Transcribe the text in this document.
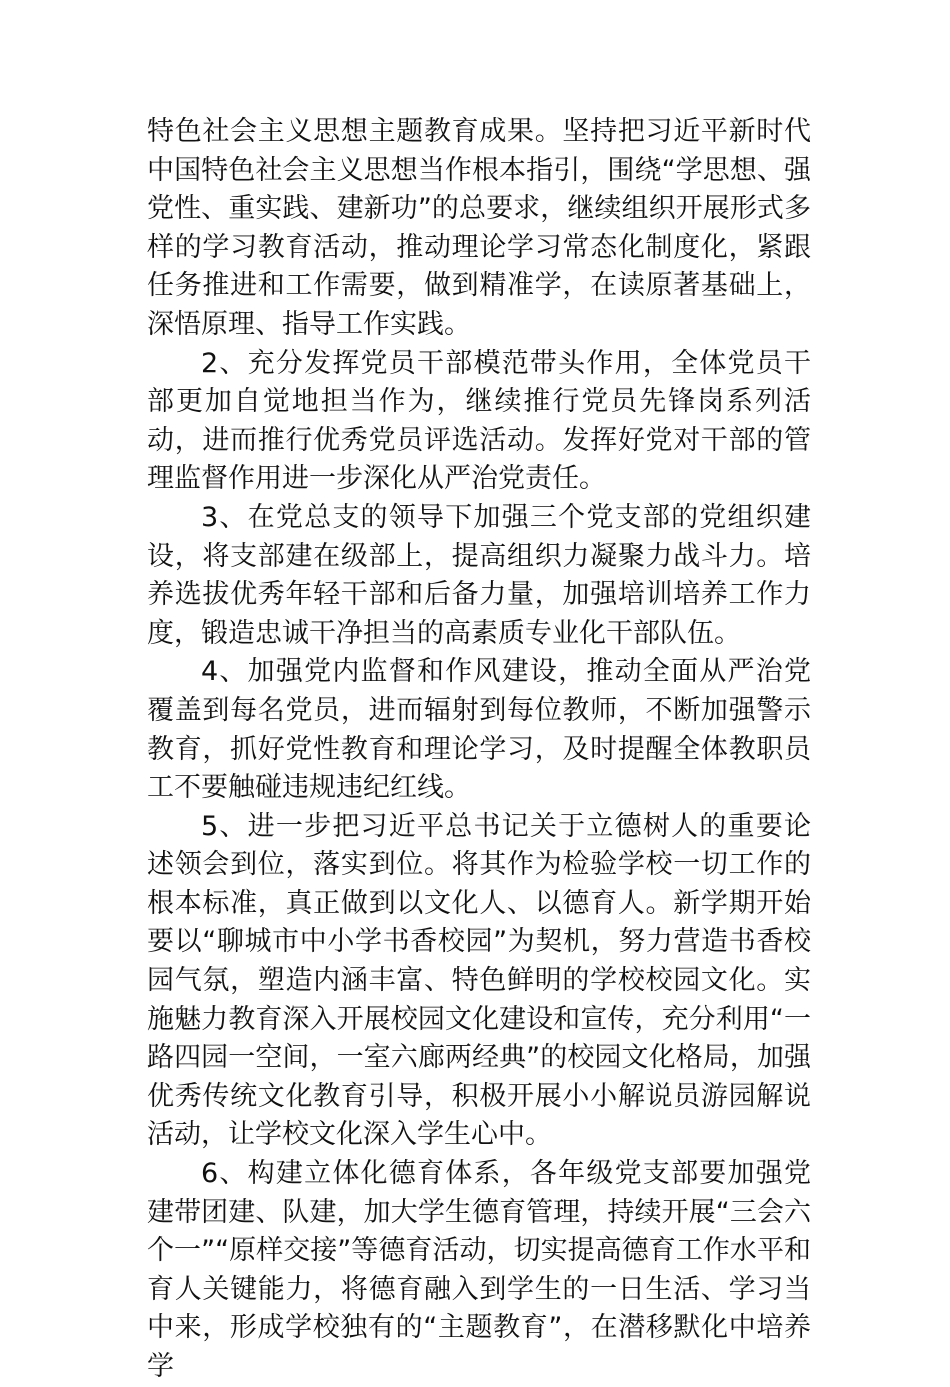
特色社会主义思想主题教育成果。坚持把习近平新时代中国特色社会主义思想当作根本指引，围绕“学思想、强党性、重实践、建新功”的总要求，继续组织开展形式多样的学习教育活动，推动理论学习常态化制度化，紧跟任务推进和工作需要，做到精准学，在读原著基础上，深悟原理、指导工作实践。

2、充分发挥党员干部模范带头作用，全体党员干部更加自觉地担当作为，继续推行党员先锋岗系列活动，进而推行优秀党员评选活动。发挥好党对干部的管理监督作用进一步深化从严治党责任。

3、在党总支的领导下加强三个党支部的党组织建设，将支部建在级部上，提高组织力凝聚力战斗力。培养选拔优秀年轻干部和后备力量，加强培训培养工作力度，锻造忠诚干净担当的高素质专业化干部队伍。

4、加强党内监督和作风建设，推动全面从严治党覆盖到每名党员，进而辐射到每位教师，不断加强警示教育，抓好党性教育和理论学习，及时提醒全体教职员工不要触碰违规违纪红线。

5、进一步把习近平总书记关于立德树人的重要论述领会到位，落实到位。将其作为检验学校一切工作的根本标准，真正做到以文化人、以德育人。新学期开始要以“聊城市中小学书香校园”为契机，努力营造书香校园气氛，塑造内涵丰富、特色鲜明的学校校园文化。实施魅力教育深入开展校园文化建设和宣传，充分利用“一路四园一空间，一室六廊两经典”的校园文化格局，加强优秀传统文化教育引导，积极开展小小解说员游园解说活动，让学校文化深入学生心中。

6、构建立体化德育体系，各年级党支部要加强党建带团建、队建，加大学生德育管理，持续开展“三会六个一”“原样交接”等德育活动，切实提高德育工作水平和育人关键能力，将德育融入到学生的一日生活、学习当中来，形成学校独有的“主题教育”，在潜移默化中培养学
